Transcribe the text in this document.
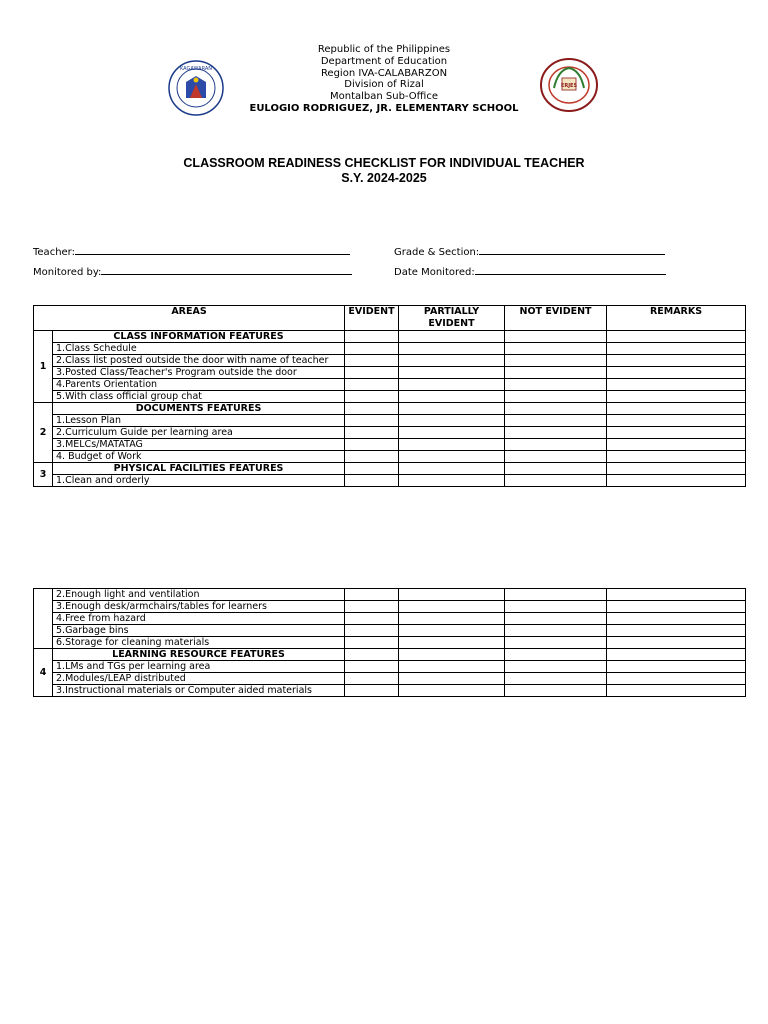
Republic of the Philippines
Department of Education
Region IVA-CALABARZON
Division of Rizal
Montalban Sub-Office
EULOGIO RODRIGUEZ, JR. ELEMENTARY SCHOOL
KAGAWARAN
ERJES
CLASSROOM READINESS CHECKLIST FOR INDIVIDUAL TEACHER
S.Y. 2024-2025
Teacher:	Grade & Section:
Monitored by:	Date Monitored:
AREAS		EVIDENT	PARTIALLY EVIDENT	NOT EVIDENT	REMARKS
1	CLASS INFORMATION FEATURES				
	1.Class Schedule				
	2.Class list posted outside the door with name of teacher				
	3.Posted Class/Teacher's Program outside the door				
	4.Parents Orientation				
	5.With class official group chat				
2	DOCUMENTS FEATURES				
	1.Lesson Plan				
	2.Curriculum Guide per learning area				
	3.MELCs/MATATAG				
	4. Budget of Work				
3	PHYSICAL FACILITIES FEATURES				
	1.Clean and orderly				
	2.Enough light and ventilation				
	3.Enough desk/armchairs/tables for learners				
	4.Free from hazard				
	5.Garbage bins				
	6.Storage for cleaning materials				
4	LEARNING RESOURCE FEATURES				
	1.LMs and TGs per learning area				
	2.Modules/LEAP distributed				
	3.Instructional materials or Computer aided materials				
